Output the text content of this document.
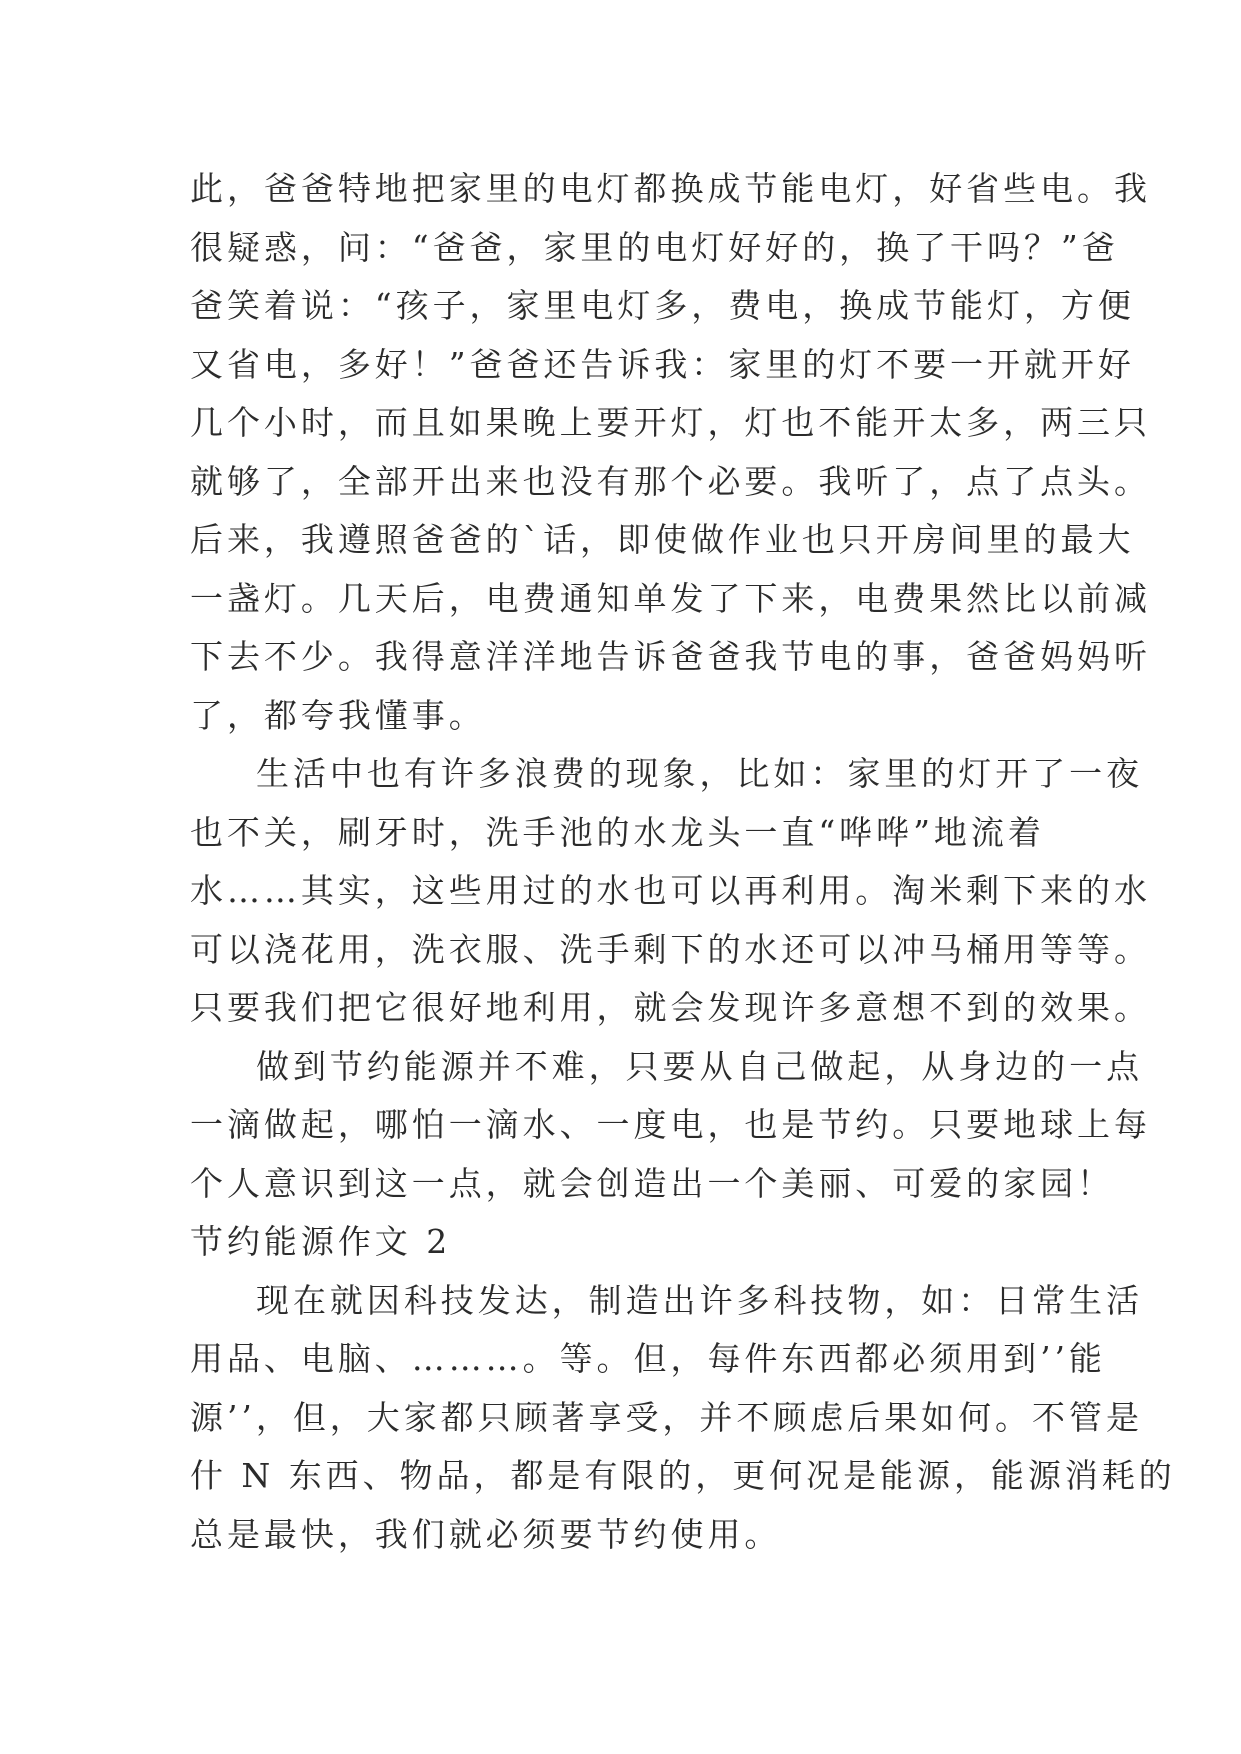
此，爸爸特地把家里的电灯都换成节能电灯，好省些电。我
很疑惑，问：“爸爸，家里的电灯好好的，换了干吗？”爸
爸笑着说：“孩子，家里电灯多，费电，换成节能灯，方便
又省电，多好！”爸爸还告诉我：家里的灯不要一开就开好
几个小时，而且如果晚上要开灯，灯也不能开太多，两三只
就够了，全部开出来也没有那个必要。我听了，点了点头。
后来，我遵照爸爸的`话，即使做作业也只开房间里的最大
一盏灯。几天后，电费通知单发了下来，电费果然比以前减
下去不少。我得意洋洋地告诉爸爸我节电的事，爸爸妈妈听
了，都夸我懂事。
生活中也有许多浪费的现象，比如：家里的灯开了一夜
也不关，刷牙时，洗手池的水龙头一直“哗哗”地流着
水……其实，这些用过的水也可以再利用。淘米剩下来的水
可以浇花用，洗衣服、洗手剩下的水还可以冲马桶用等等。
只要我们把它很好地利用，就会发现许多意想不到的效果。
做到节约能源并不难，只要从自己做起，从身边的一点
一滴做起，哪怕一滴水、一度电，也是节约。只要地球上每
个人意识到这一点，就会创造出一个美丽、可爱的家园！
节约能源作文 2
现在就因科技发达，制造出许多科技物，如：日常生活
用品、电脑、………。等。但，每件东西都必须用到’’能
源’’，但，大家都只顾著享受，并不顾虑后果如何。不管是
什 N 东西、物品，都是有限的，更何况是能源，能源消耗的
总是最快，我们就必须要节约使用。
